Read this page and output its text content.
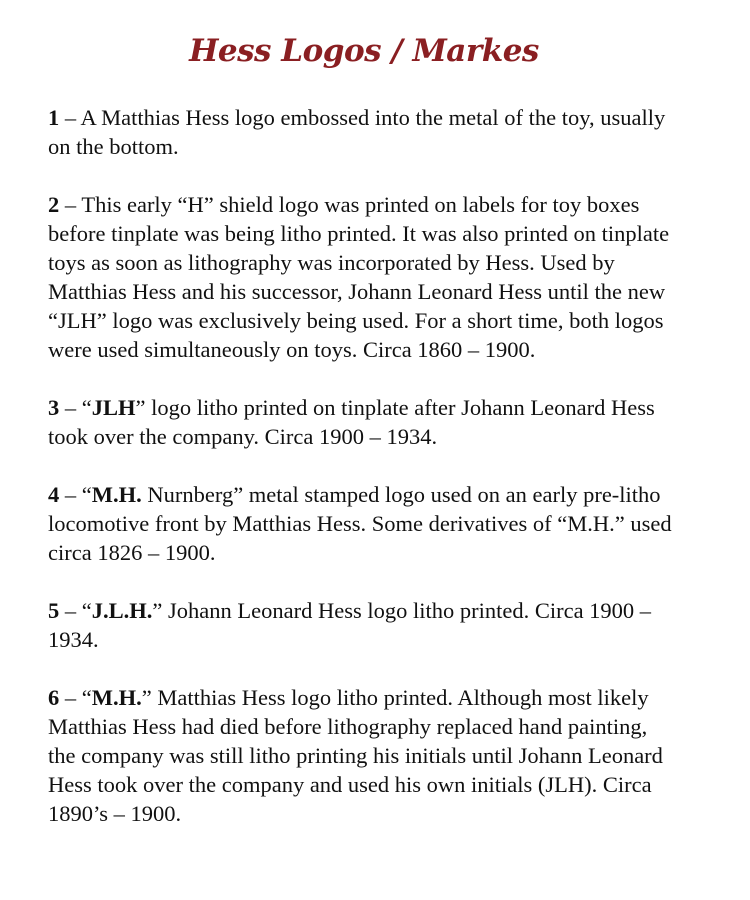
Hess Logos / Markes
1 – A Matthias Hess logo embossed into the metal of the toy, usually on the bottom.
2 – This early “H” shield logo was printed on labels for toy boxes before tinplate was being litho printed. It was also printed on tinplate toys as soon as lithography was incorporated by Hess. Used by Matthias Hess and his successor, Johann Leonard Hess until the new “JLH” logo was exclusively being used. For a short time, both logos were used simultaneously on toys. Circa 1860 – 1900.
3 – “JLH” logo litho printed on tinplate after Johann Leonard Hess took over the company. Circa 1900 – 1934.
4 – “M.H. Nurnberg” metal stamped logo used on an early pre-litho locomotive front by Matthias Hess. Some derivatives of “M.H.” used circa 1826 – 1900.
5 – “J.L.H.” Johann Leonard Hess logo litho printed. Circa 1900 – 1934.
6 – “M.H.” Matthias Hess logo litho printed. Although most likely Matthias Hess had died before lithography replaced hand painting, the company was still litho printing his initials until Johann Leonard Hess took over the company and used his own initials (JLH). Circa 1890’s – 1900.
